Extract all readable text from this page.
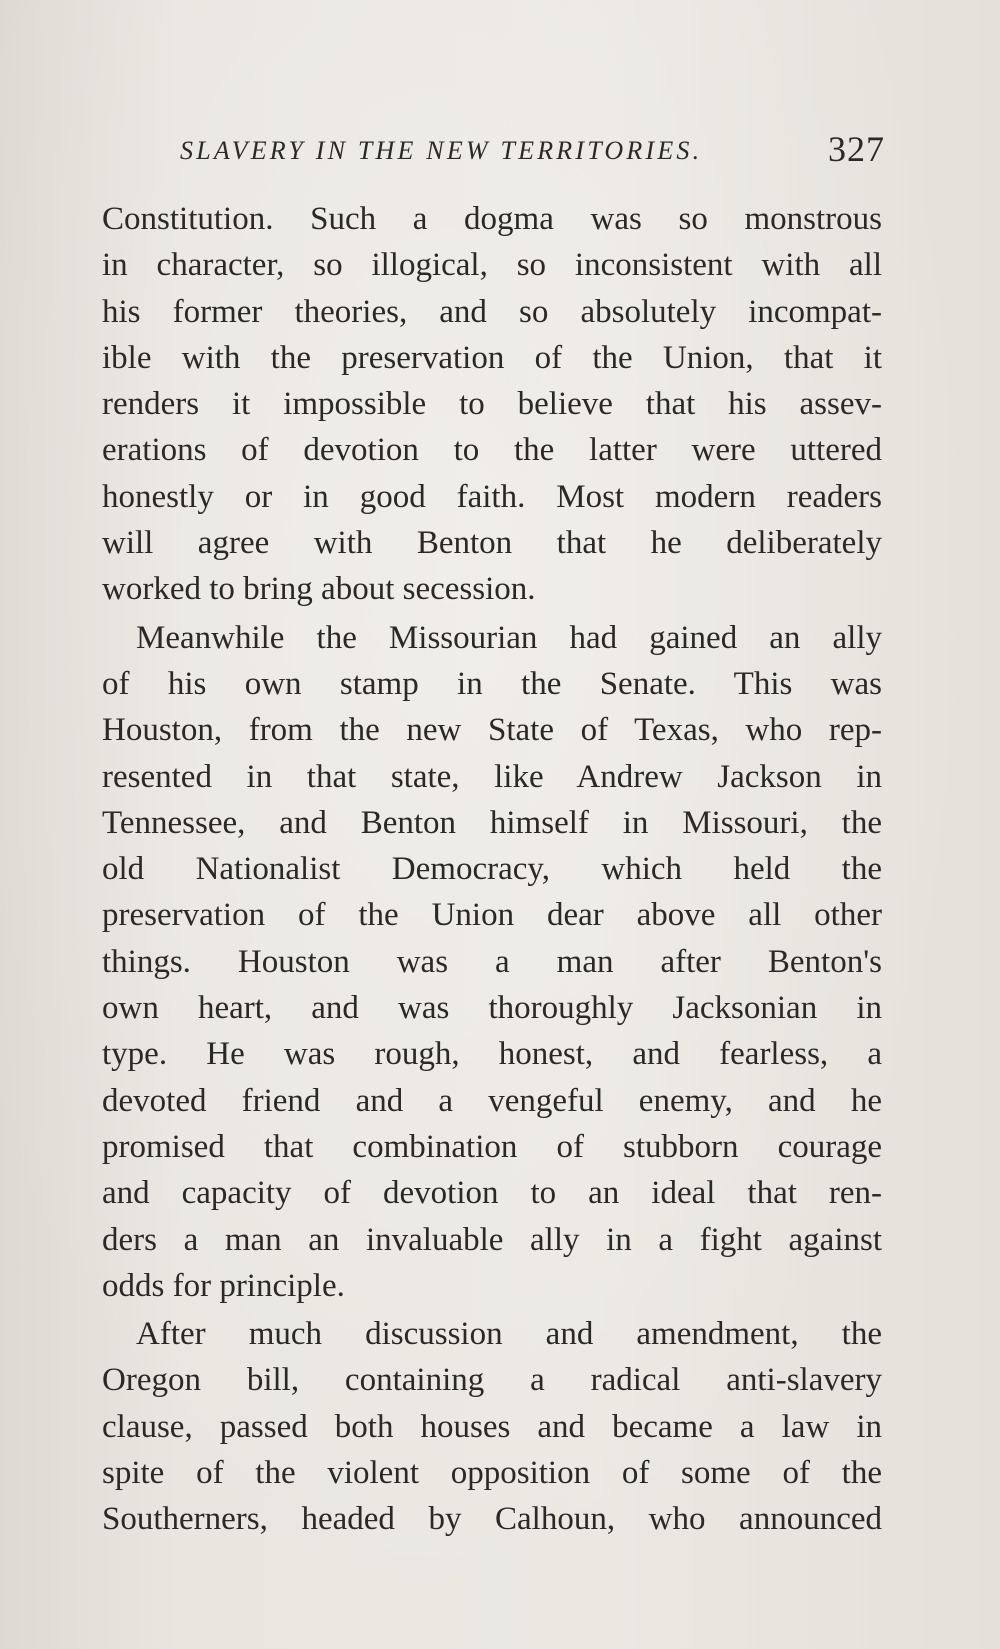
SLAVERY IN THE NEW TERRITORIES.	327
Constitution. Such a dogma was so monstrous
in character, so illogical, so inconsistent with all
his former theories, and so absolutely incompat-
ible with the preservation of the Union, that it
renders it impossible to believe that his assev-
erations of devotion to the latter were uttered
honestly or in good faith. Most modern readers
will agree with Benton that he deliberately
worked to bring about secession.
Meanwhile the Missourian had gained an ally
of his own stamp in the Senate. This was
Houston, from the new State of Texas, who rep-
resented in that state, like Andrew Jackson in
Tennessee, and Benton himself in Missouri, the
old Nationalist Democracy, which held the
preservation of the Union dear above all other
things. Houston was a man after Benton's
own heart, and was thoroughly Jacksonian in
type. He was rough, honest, and fearless, a
devoted friend and a vengeful enemy, and he
promised that combination of stubborn courage
and capacity of devotion to an ideal that ren-
ders a man an invaluable ally in a fight against
odds for principle.
After much discussion and amendment, the
Oregon bill, containing a radical anti-slavery
clause, passed both houses and became a law in
spite of the violent opposition of some of the
Southerners, headed by Calhoun, who announced
